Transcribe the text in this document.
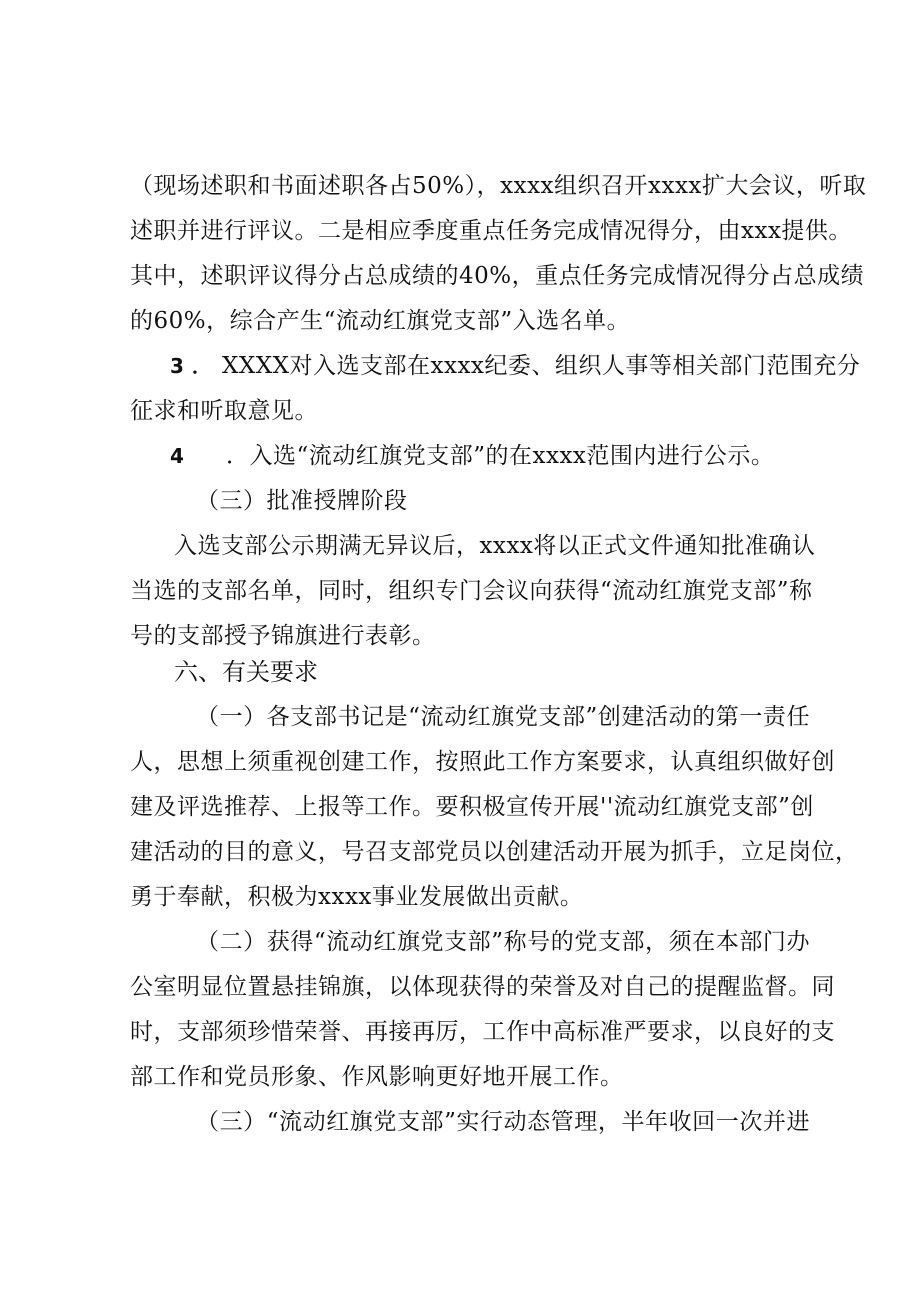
（现场述职和书面述职各占50%），xxxx组织召开xxxx扩大会议，听取
述职并进行评议。二是相应季度重点任务完成情况得分，由xxx提供。
其中，述职评议得分占总成绩的40%，重点任务完成情况得分占总成绩
的60%，综合产生“流动红旗党支部”入选名单。
3 ． XXXX对入选支部在xxxx纪委、组织人事等相关部门范围充分
征求和听取意见。
4 ．入选“流动红旗党支部”的在xxxx范围内进行公示。
（三）批准授牌阶段
入选支部公示期满无异议后，xxxx将以正式文件通知批准确认
当选的支部名单，同时，组织专门会议向获得“流动红旗党支部”称
号的支部授予锦旗进行表彰。
六、有关要求
（一）各支部书记是“流动红旗党支部”创建活动的第一责任
人，思想上须重视创建工作，按照此工作方案要求，认真组织做好创
建及评选推荐、上报等工作。要积极宣传开展''流动红旗党支部”创
建活动的目的意义，号召支部党员以创建活动开展为抓手，立足岗位，
勇于奉献，积极为xxxx事业发展做出贡献。
（二）获得“流动红旗党支部”称号的党支部，须在本部门办
公室明显位置悬挂锦旗，以体现获得的荣誉及对自己的提醒监督。同
时，支部须珍惜荣誉、再接再厉，工作中高标准严要求，以良好的支
部工作和党员形象、作风影响更好地开展工作。
（三）“流动红旗党支部”实行动态管理，半年收回一次并进
